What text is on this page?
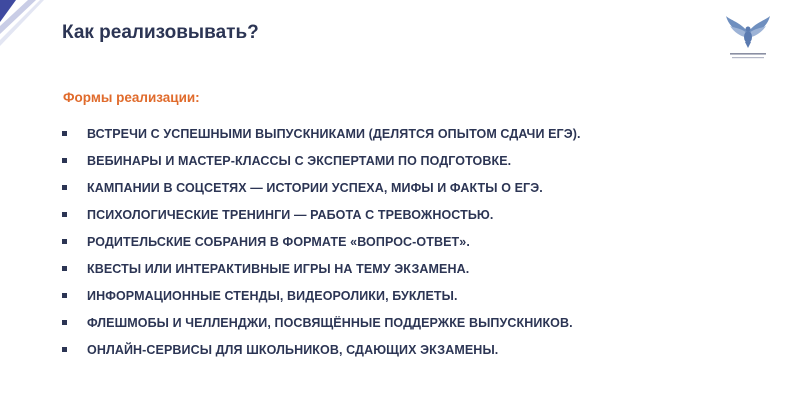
Как реализовывать?
Формы реализации:
ВСТРЕЧИ С УСПЕШНЫМИ ВЫПУСКНИКАМИ (ДЕЛЯТСЯ ОПЫТОМ СДАЧИ ЕГЭ).
ВЕБИНАРЫ И МАСТЕР-КЛАССЫ С ЭКСПЕРТАМИ ПО ПОДГОТОВКЕ.
КАМПАНИИ В СОЦСЕТЯХ — ИСТОРИИ УСПЕХА, МИФЫ И ФАКТЫ О ЕГЭ.
ПСИХОЛОГИЧЕСКИЕ ТРЕНИНГИ — РАБОТА С ТРЕВОЖНОСТЬЮ.
РОДИТЕЛЬСКИЕ СОБРАНИЯ В ФОРМАТЕ «ВОПРОС-ОТВЕТ».
КВЕСТЫ ИЛИ ИНТЕРАКТИВНЫЕ ИГРЫ НА ТЕМУ ЭКЗАМЕНА.
ИНФОРМАЦИОННЫЕ СТЕНДЫ, ВИДЕОРОЛИКИ, БУКЛЕТЫ.
ФЛЕШМОБЫ И ЧЕЛЛЕНДЖИ, ПОСВЯЩЁННЫЕ ПОДДЕРЖКЕ ВЫПУСКНИКОВ.
ОНЛАЙН-СЕРВИСЫ ДЛЯ ШКОЛЬНИКОВ, СДАЮЩИХ ЭКЗАМЕНЫ.
